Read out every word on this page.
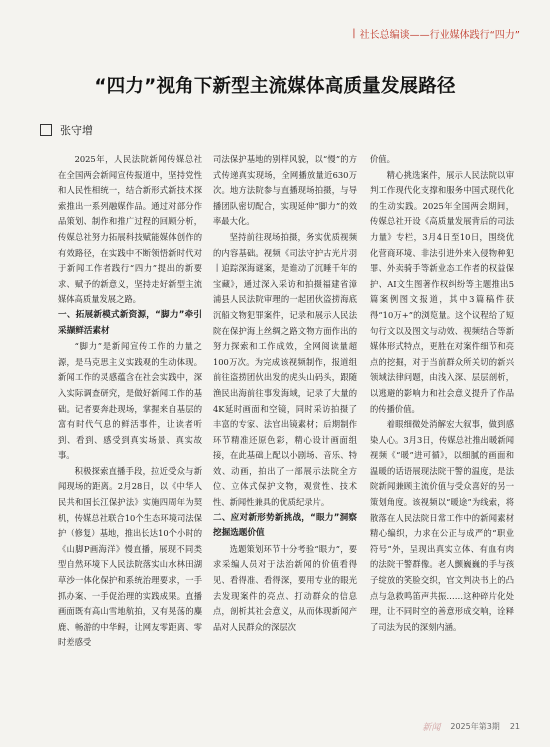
| 社长总编谈——行业媒体践行“四力”
“四力”视角下新型主流媒体高质量发展路径
张守增

2025年，人民法院新闻传媒总社在全国两会新闻宣传报道中，坚持党性和人民性相统一，结合新形式新技术探索推出一系列融媒作品。通过对部分作品策划、制作和推广过程的回顾分析，传媒总社努力拓展科技赋能媒体创作的有效路径，在实践中不断领悟新时代对于新闻工作者践行“四力”提出的新要求、赋予的新意义，坚持走好新型主流媒体高质量发展之路。

一、拓展新模式新资源，“脚力”牵引采撷鲜活素材

“脚力”是新闻宣传工作的力量之源，是马克思主义实践观的生动体现。新闻工作的灵感蕴含在社会实践中，深入实际调查研究，是做好新闻工作的基础。记者要奔赴现场，掌握来自基层的富有时代气息的鲜活事件，让读者听到、看到、感受到真实场景、真实故事。

积极探索直播手段，拉近受众与新闻现场的距离。2月28日，以《中华人民共和国长江保护法》实施四周年为契机，传媒总社联合10个生态环境司法保护（修复）基地，推出长达10个小时的《山脚P画海洋》慢直播，展现不同类型自然环境下人民法院落实山水林田湖草沙一体化保护和系统治理要求，一手抓办案、一手促治理的实践成果。直播画面既有高山雪地航拍，又有晃荡的麋鹿、畅游的中华鲟，让网友零距离、零时差感受

司法保护基地的别样风貌，以“慢”的方式传递真实现场，全网播放量近630万次。地方法院参与直播现场拍摄，与导播团队密切配合，实现延伸“脚力”的效率最大化。

坚持前往现场拍摄，务实优质视频的内容基础。视频《司法守护古光片羽丨追踪深海谜案，是谁动了沉睡千年的宝藏》，通过深入采访和拍摄福建省漳浦县人民法院审理的一起团伙盗捞海底沉船文物犯罪案件，记录和展示人民法院在保护海上丝绸之路文物方面作出的努力探索和工作成效，全网阅读量超100万次。为完成该视频制作，报道组前往盗捞团伙出发的虎头山码头，跟随渔民出海前往事发海域，记录了大量的4K延时画面和空镜，同时采访拍摄了丰富的专家、法官出镜素材；后期制作环节精准还原色彩，精心设计画面组接，在此基础上配以小剧场、音乐、特效、动画，拍出了一部展示法院全方位、立体式保护文物，观赏性、技术性、新闻性兼具的优质纪录片。

二、应对新形势新挑战，“眼力”洞察挖掘选题价值

选题策划环节十分考验“眼力”，要求采编人员对于法治新闻的价值看得见、看得准、看得深，要用专业的眼光去发现案件的亮点、打动群众的信息点，剖析其社会意义，从而体现新闻产品对人民群众的深层次

价值。

精心挑选案件，展示人民法院以审判工作现代化支撑和服务中国式现代化的生动实践。2025年全国两会期间，传媒总社开设《高质量发展背后的司法力量》专栏，3月4日至10日，围绕优化营商环境、非法引进外来入侵物种犯罪、外卖骑手等新业态工作者的权益保护、AI文生图著作权纠纷等主题推出5篇案例图文报道，其中3篇稿件获得“10万+”的浏览量。这个议程给了短句行文以及图文与动效、视频结合等新媒体形式特点，更胜在对案件细节和亮点的挖掘，对于当前群众所关切的新兴领域法律问题，由浅入深、层层剖析，以逃避的影响力和社会意义提升了作品的传播价值。

着眼细微处消解宏大叙事，做到感染人心。3月3日，传媒总社推出暖新闻视频《“暖”进可循》，以细腻的画面和温暖的话语展现法院干警的温度，是法院新闻兼顾主流价值与受众喜好的另一策划角度。该视频以“暖途”为线索，将散落在人民法院日常工作中的新闻素材精心编织，力求在公正与成严的“职业符号”外，呈现出真实立体、有血有肉的法院干警群像。老人颤巍巍的手与孩子绽放的笑脸交织，官文判决书上的凸点与急救鸣笛声共振……这种碎片化处理，让不同时空的善意形成交响，诠释了司法为民的深刻内涵。

新闻 2025年第3期 21
